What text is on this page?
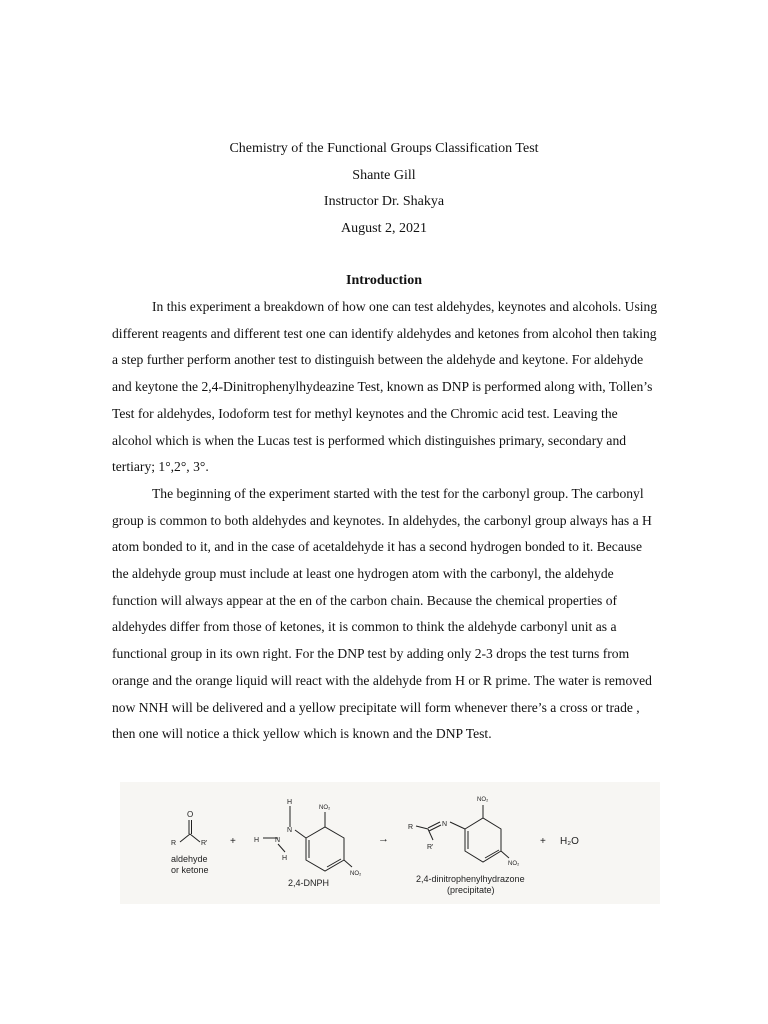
Chemistry of the Functional Groups Classification Test
Shante Gill
Instructor Dr. Shakya
August 2, 2021
Introduction

In this experiment a breakdown of how one can test aldehydes, keynotes and alcohols. Using different reagents and different test one can identify aldehydes and ketones from alcohol then taking a step further perform another test to distinguish between the aldehyde and keytone. For aldehyde and keytone the 2,4-Dinitrophenylhydeazine Test, known as DNP is performed along with, Tollen’s Test for aldehydes, Iodoform test for methyl keynotes and the Chromic acid test. Leaving the alcohol which is when the Lucas test is performed which distinguishes primary, secondary and tertiary; 1°,2°, 3°.

The beginning of the experiment started with the test for the carbonyl group. The carbonyl group is common to both aldehydes and keynotes. In aldehydes, the carbonyl group always has a H atom bonded to it, and in the case of acetaldehyde it has a second hydrogen bonded to it. Because the aldehyde group must include at least one hydrogen atom with the carbonyl, the aldehyde function will always appear at the en of the carbon chain. Because the chemical properties of aldehydes differ from those of ketones, it is common to think the aldehyde carbonyl unit as a functional group in its own right. For the DNP test by adding only 2-3 drops the test turns from orange and the orange liquid will react with the aldehyde from H or R prime. The water is removed now NNH will be delivered and a yellow precipitate will form whenever there’s a cross or trade , then one will notice a thick yellow which is known and the DNP Test.

O
R	R'
aldehyde
or ketone
+	H
H
N
N
H
NO₂
NO₂
2,4-DNPH
→
R
R'
N
NO₂
NO₂
2,4-dinitrophenylhydrazone
(precipitate)
+ H₂O
